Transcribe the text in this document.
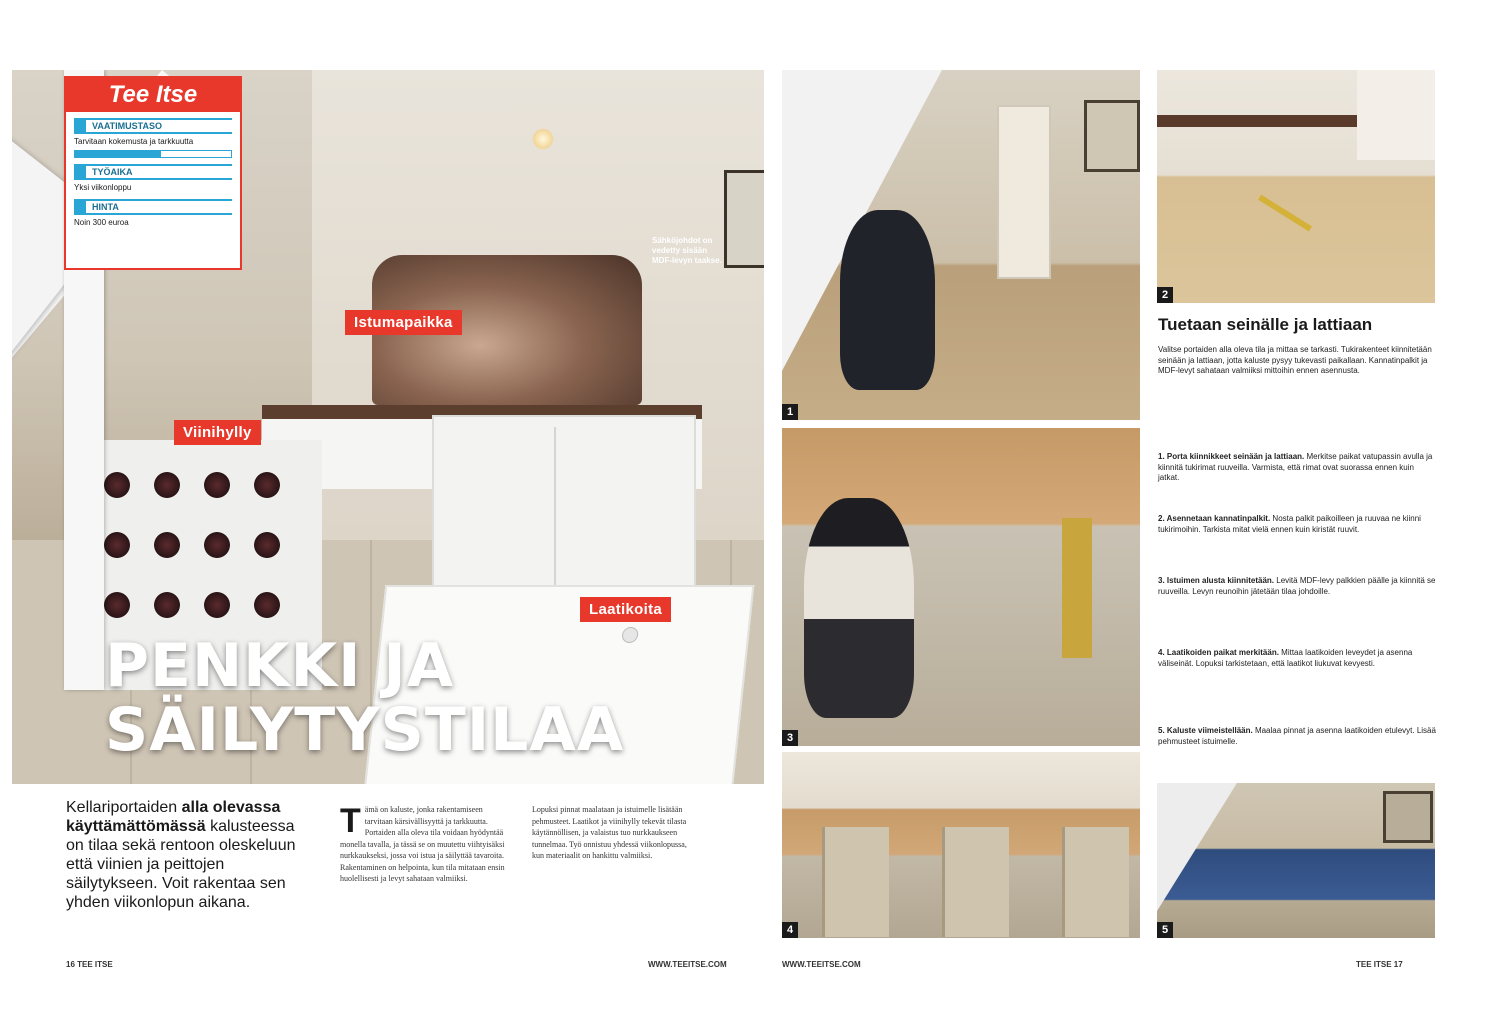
Istumapaikka
Viinihylly
Laatikoita
Sähköjohdot on vedetty sisään MDF-levyn taakse.
PENKKI JA
SÄILYTYSTILAA
Tee Itse
VAATIMUSTASO
Tarvitaan kokemusta ja tarkkuutta
TYÖAIKA
Yksi viikonloppu
HINTA
Noin 300 euroa
Kellariportaiden alla olevassa käyttämättömässä kalusteessa on tilaa sekä rentoon oleskeluun että viinien ja peittojen säilytykseen. Voit rakentaa sen yhden viikonlopun aikana.
Tämä on kaluste, jonka rakentamiseen tarvitaan kärsivällisyyttä ja tarkkuutta. Portaiden alla oleva tila voidaan hyödyntää monella tavalla, ja tässä se on muutettu viihtyisäksi nurkkaukseksi, jossa voi istua ja säilyttää tavaroita. Rakentaminen on helpointa, kun tila mitataan ensin huolellisesti ja levyt sahataan valmiiksi.
Lopuksi pinnat maalataan ja istuimelle lisätään pehmusteet. Laatikot ja viinihylly tekevät tilasta käytännöllisen, ja valaistus tuo nurkkaukseen tunnelmaa. Työ onnistuu yhdessä viikonlopussa, kun materiaalit on hankittu valmiiksi.
16 TEE ITSE	WWW.TEEITSE.COM	WWW.TEEITSE.COM	TEE ITSE 17
1
2
3
4	5
Tuetaan seinälle ja lattiaan
Valitse portaiden alla oleva tila ja mittaa se tarkasti. Tukirakenteet kiinnitetään seinään ja lattiaan, jotta kaluste pysyy tukevasti paikallaan. Kannatinpalkit ja MDF-levyt sahataan valmiiksi mittoihin ennen asennusta.
1. Porta kiinnikkeet seinään ja lattiaan. Merkitse paikat vatupassin avulla ja kiinnitä tukirimat ruuveilla. Varmista, että rimat ovat suorassa ennen kuin jatkat.
2. Asennetaan kannatinpalkit. Nosta palkit paikoilleen ja ruuvaa ne kiinni tukirimoihin. Tarkista mitat vielä ennen kuin kiristät ruuvit.
3. Istuimen alusta kiinnitetään. Levitä MDF-levy palkkien päälle ja kiinnitä se ruuveilla. Levyn reunoihin jätetään tilaa johdoille.
4. Laatikoiden paikat merkitään. Mittaa laatikoiden leveydet ja asenna väliseinät. Lopuksi tarkistetaan, että laatikot liukuvat kevyesti.
5. Kaluste viimeistellään. Maalaa pinnat ja asenna laatikoiden etulevyt. Lisää pehmusteet istuimelle.
